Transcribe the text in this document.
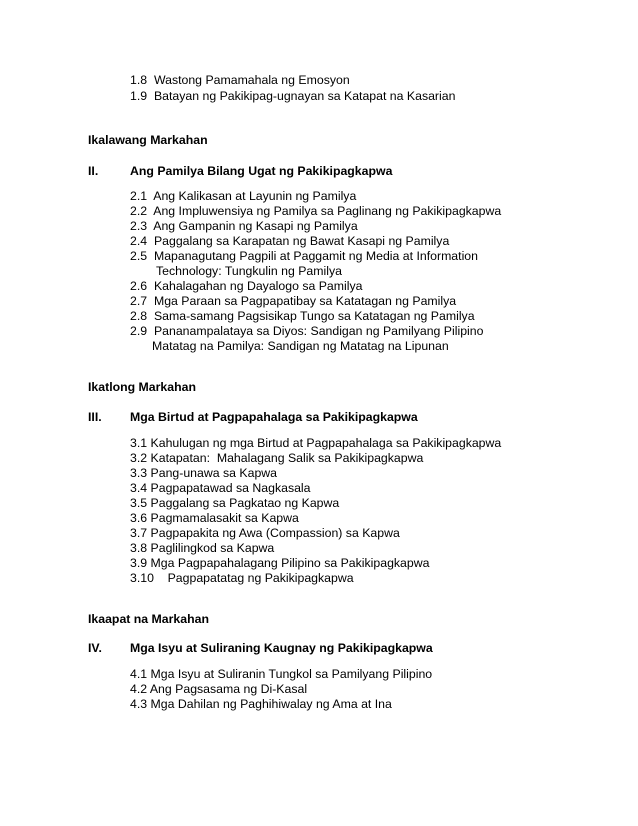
1.8 Wastong Pamamahala ng Emosyon
1.9 Batayan ng Pakikipag-ugnayan sa Katapat na Kasarian
Ikalawang Markahan
II.	Ang Pamilya Bilang Ugat ng Pakikipagkapwa
2.1 Ang Kalikasan at Layunin ng Pamilya
2.2 Ang Impluwensiya ng Pamilya sa Paglinang ng Pakikipagkapwa
2.3 Ang Gampanin ng Kasapi ng Pamilya
2.4 Paggalang sa Karapatan ng Bawat Kasapi ng Pamilya
2.5 Mapanagutang Pagpili at Paggamit ng Media at Information
Technology: Tungkulin ng Pamilya
2.6 Kahalagahan ng Dayalogo sa Pamilya
2.7 Mga Paraan sa Pagpapatibay sa Katatagan ng Pamilya
2.8 Sama-samang Pagsisikap Tungo sa Katatagan ng Pamilya
2.9 Pananampalataya sa Diyos: Sandigan ng Pamilyang Pilipino
Matatag na Pamilya: Sandigan ng Matatag na Lipunan
Ikatlong Markahan
III. Mga Birtud at Pagpapahalaga sa Pakikipagkapwa
3.1 Kahulugan ng mga Birtud at Pagpapahalaga sa Pakikipagkapwa
3.2 Katapatan:  Mahalagang Salik sa Pakikipagkapwa
3.3 Pang-unawa sa Kapwa
3.4 Pagpapatawad sa Nagkasala
3.5 Paggalang sa Pagkatao ng Kapwa
3.6 Pagmamalasakit sa Kapwa
3.7 Pagpapakita ng Awa (Compassion) sa Kapwa
3.8 Paglilingkod sa Kapwa
3.9 Mga Pagpapahalagang Pilipino sa Pakikipagkapwa
3.10 Pagpapatatag ng Pakikipagkapwa
Ikaapat na Markahan
IV. Mga Isyu at Suliraning Kaugnay ng Pakikipagkapwa
4.1 Mga Isyu at Suliranin Tungkol sa Pamilyang Pilipino
4.2 Ang Pagsasama ng Di-Kasal
4.3 Mga Dahilan ng Paghihiwalay ng Ama at Ina
